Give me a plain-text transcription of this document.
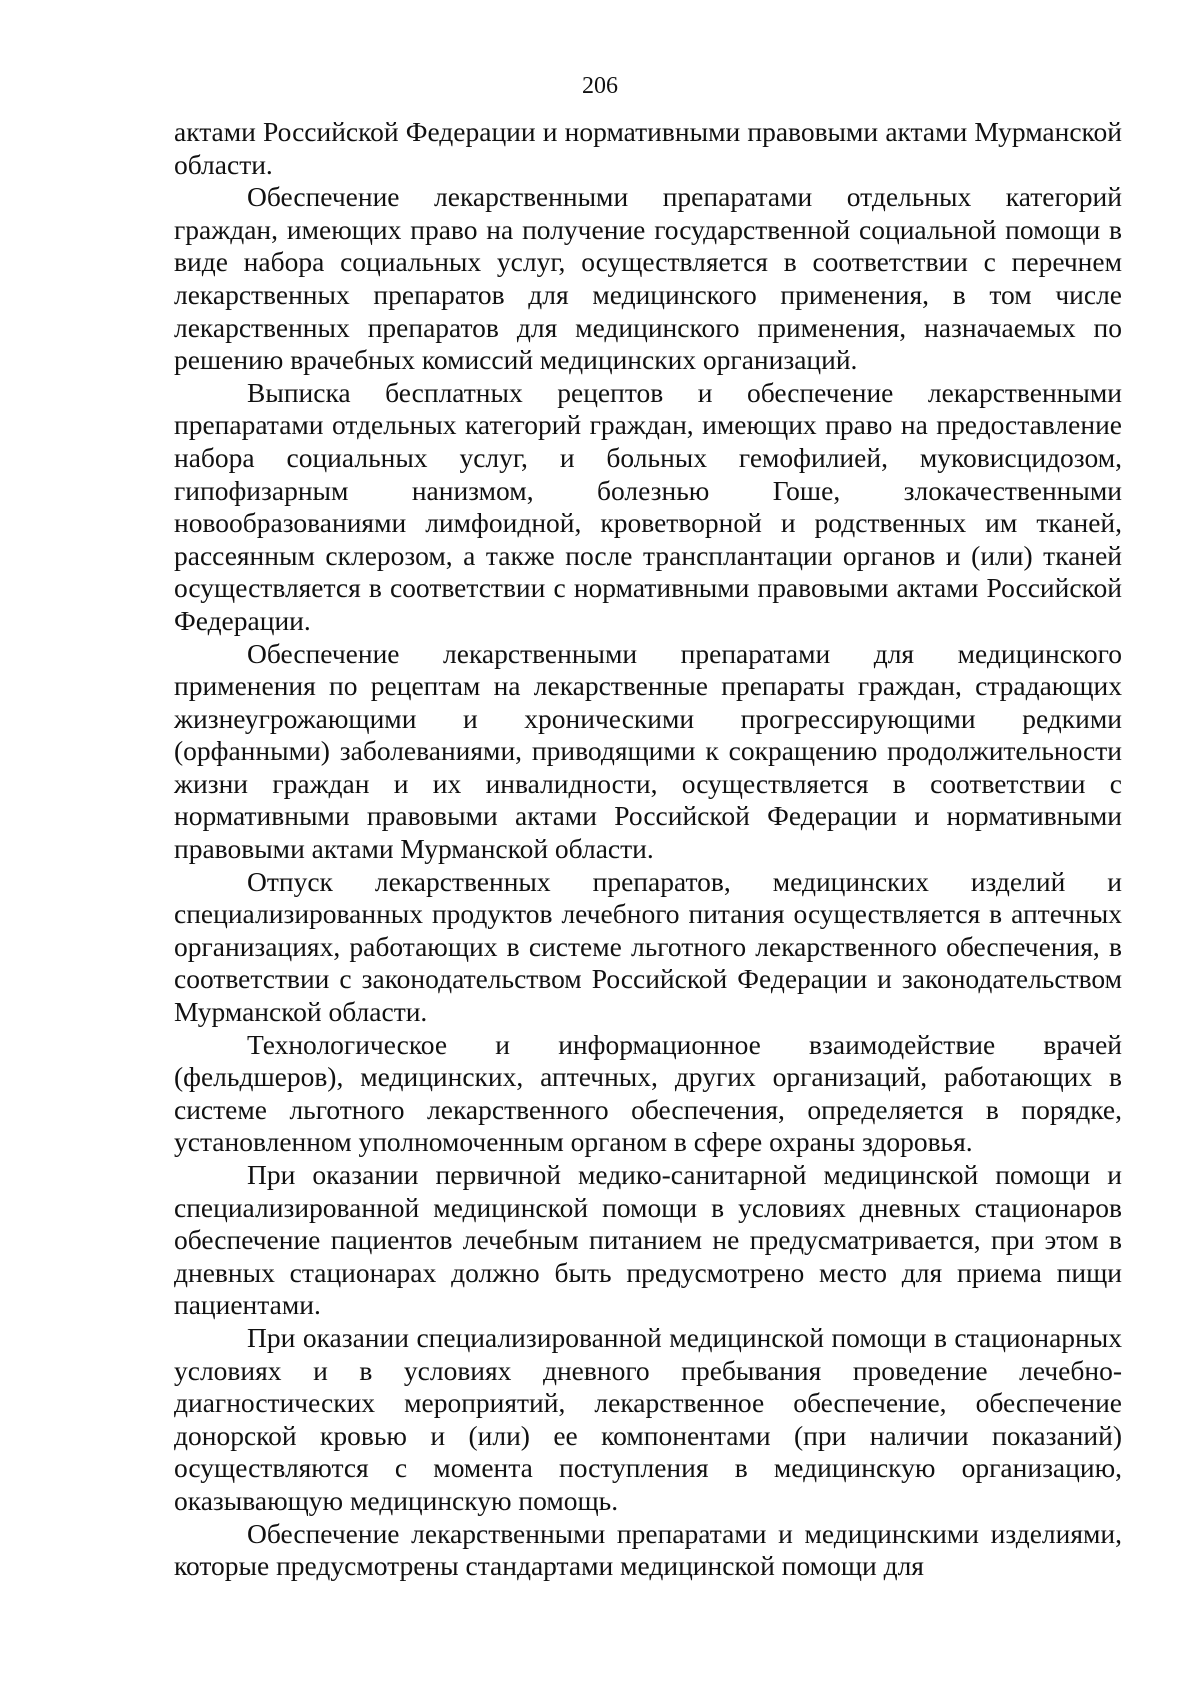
206

актами Российской Федерации и нормативными правовыми актами Мурманской области.

Обеспечение лекарственными препаратами отдельных категорий граждан, имеющих право на получение государственной социальной помощи в виде набора социальных услуг, осуществляется в соответствии с перечнем лекарственных препаратов для медицинского применения, в том числе лекарственных препаратов для медицинского применения, назначаемых по решению врачебных комиссий медицинских организаций.

Выписка бесплатных рецептов и обеспечение лекарственными препаратами отдельных категорий граждан, имеющих право на предоставление набора социальных услуг, и больных гемофилией, муковисцидозом, гипофизарным нанизмом, болезнью Гоше, злокачественными новообразованиями лимфоидной, кроветворной и родственных им тканей, рассеянным склерозом, а также после трансплантации органов и (или) тканей осуществляется в соответствии с нормативными правовыми актами Российской Федерации.

Обеспечение лекарственными препаратами для медицинского применения по рецептам на лекарственные препараты граждан, страдающих жизнеугрожающими и хроническими прогрессирующими редкими (орфанными) заболеваниями, приводящими к сокращению продолжительности жизни граждан и их инвалидности, осуществляется в соответствии с нормативными правовыми актами Российской Федерации и нормативными правовыми актами Мурманской области.

Отпуск лекарственных препаратов, медицинских изделий и специализированных продуктов лечебного питания осуществляется в аптечных организациях, работающих в системе льготного лекарственного обеспечения, в соответствии с законодательством Российской Федерации и законодательством Мурманской области.

Технологическое и информационное взаимодействие врачей (фельдшеров), медицинских, аптечных, других организаций, работающих в системе льготного лекарственного обеспечения, определяется в порядке, установленном уполномоченным органом в сфере охраны здоровья.

При оказании первичной медико-санитарной медицинской помощи и специализированной медицинской помощи в условиях дневных стационаров обеспечение пациентов лечебным питанием не предусматривается, при этом в дневных стационарах должно быть предусмотрено место для приема пищи пациентами.

При оказании специализированной медицинской помощи в стационарных условиях и в условиях дневного пребывания проведение лечебно-диагностических мероприятий, лекарственное обеспечение, обеспечение донорской кровью и (или) ее компонентами (при наличии показаний) осуществляются с момента поступления в медицинскую организацию, оказывающую медицинскую помощь.

Обеспечение лекарственными препаратами и медицинскими изделиями, которые предусмотрены стандартами медицинской помощи для
